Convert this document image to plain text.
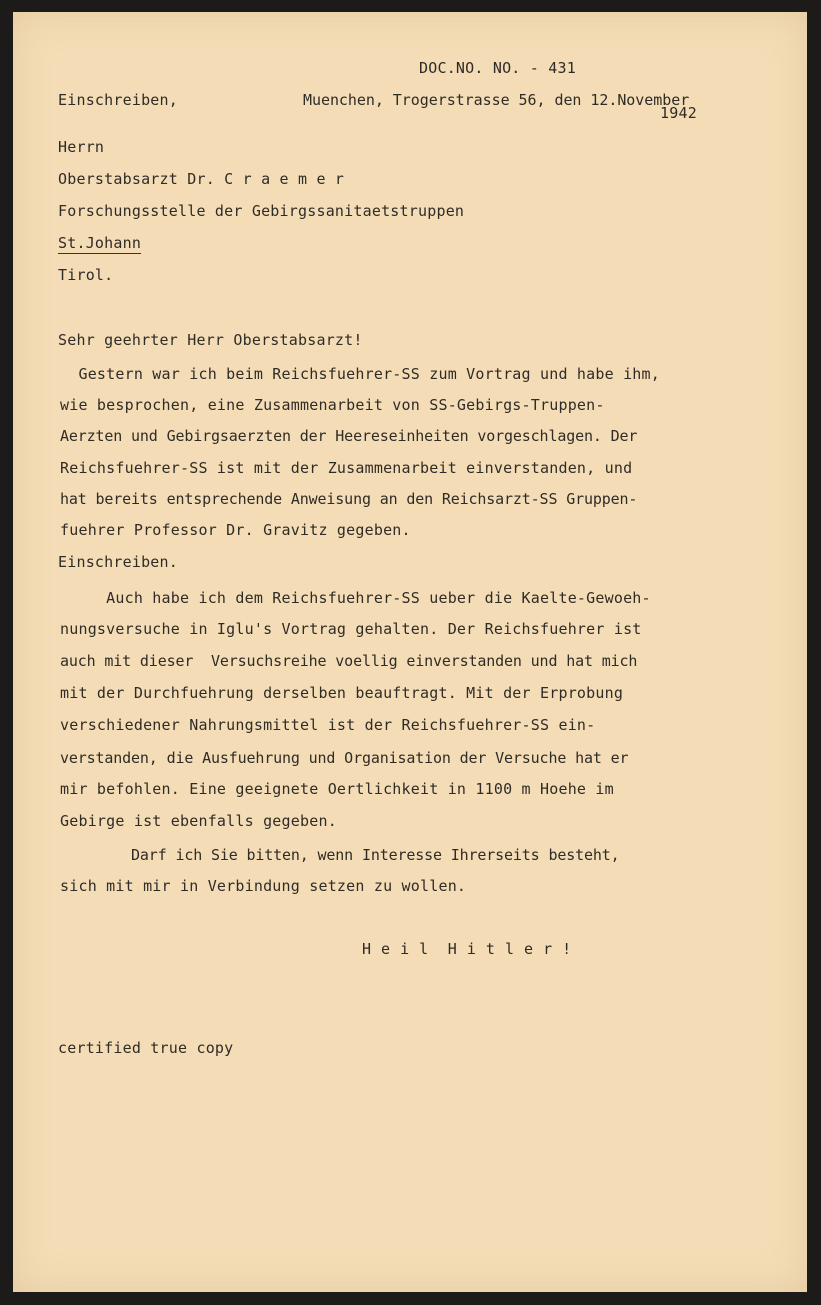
DOC.NO. NO. - 431
Einschreiben,	Muenchen, Trogerstrasse 56, den 12.November
1942
Herrn
Oberstabsarzt Dr. C r a e m e r
Forschungsstelle der Gebirgssanitaetstruppen
St.Johann
Tirol.
Sehr geehrter Herr Oberstabsarzt!
Gestern war ich beim Reichsfuehrer-SS zum Vortrag und habe ihm,
wie besprochen, eine Zusammenarbeit von SS-Gebirgs-Truppen-
Aerzten und Gebirgsaerzten der Heereseinheiten vorgeschlagen. Der
Reichsfuehrer-SS ist mit der Zusammenarbeit einverstanden, und
hat bereits entsprechende Anweisung an den Reichsarzt-SS Gruppen-
fuehrer Professor Dr. Gravitz gegeben.
Einschreiben.
Auch habe ich dem Reichsfuehrer-SS ueber die Kaelte-Gewoeh-
nungsversuche in Iglu's Vortrag gehalten. Der Reichsfuehrer ist
auch mit dieser  Versuchsreihe voellig einverstanden und hat mich
mit der Durchfuehrung derselben beauftragt. Mit der Erprobung
verschiedener Nahrungsmittel ist der Reichsfuehrer-SS ein-
verstanden, die Ausfuehrung und Organisation der Versuche hat er
mir befohlen. Eine geeignete Oertlichkeit in 1100 m Hoehe im
Gebirge ist ebenfalls gegeben.
Darf ich Sie bitten, wenn Interesse Ihrerseits besteht,
sich mit mir in Verbindung setzen zu wollen.
H e i l  H i t l e r !
certified true copy
